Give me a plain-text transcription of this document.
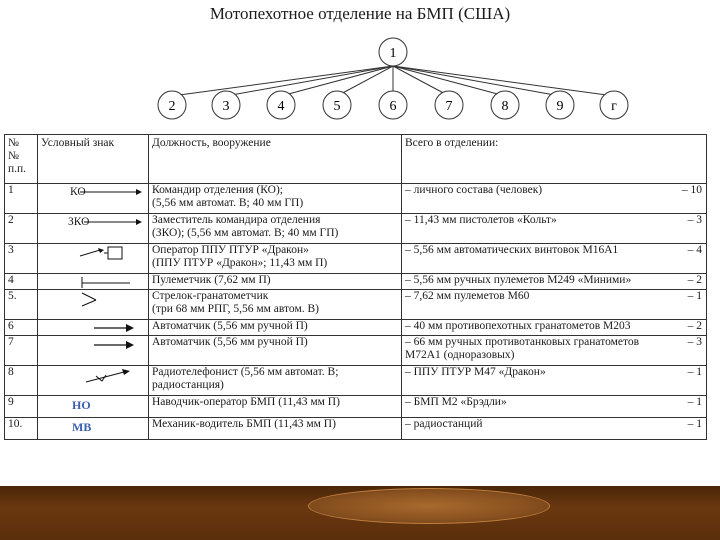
Мотопехотное отделение на БМП (США)
1
2	3	4	5	6	7	8	9	г
№
№
п.п.	Условный знак	Должность, вооружение	Всего в отделении:
1	КО	Командир отделения (КО);
(5,56 мм автомат. В; 40 мм ГП)	– личного состава (человек) – 10

2	ЗКО	Заместитель командира отделения
(ЗКО); (5,56 мм автомат. В; 40 мм ГП)	– 11,43 мм пистолетов «Кольт» – 3

3		Оператор ППУ ПТУР «Дракон»
(ППУ ПТУР «Дракон»; 11,43 мм П)	– 5,56 мм автоматических винтовок М16А1 – 4

4		Пулеметчик (7,62 мм П)	– 5,56 мм ручных пулеметов М249 «Миними» – 2

5.		Стрелок-гранатометчик
(три 68 мм РПГ, 5,56 мм автом. В)	– 7,62 мм пулеметов М60 – 1

6		Автоматчик (5,56 мм ручной П)	– 40 мм противопехотных гранатометов М203 – 2

7		Автоматчик (5,56 мм ручной П)	– 66 мм ручных противотанковых гранатометов
М72А1 (одноразовых)
– 3

8		Радиотелефонист (5,56 мм автомат. В;
радиостанция)	– ППУ ПТУР М47 «Дракон» – 1

9	НО	Наводчик-оператор БМП (11,43 мм П)	– БМП М2 «Брэдли» – 1

10.	МВ	Механик-водитель БМП (11,43 мм П)	– радиостанций – 1
